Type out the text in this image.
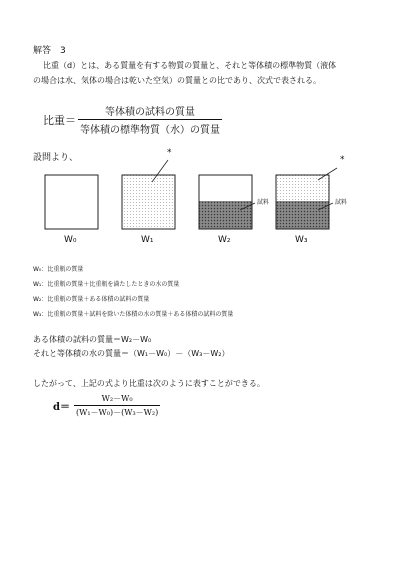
解答　3
比重（d）とは、ある質量を有する物質の質量と、それと等体積の標準物質（液体
の場合は水、気体の場合は乾いた空気）の質量との比であり、次式で表される。
比重＝ $\frac{\text{等体積の試料の質量}}{\text{等体積の標準物質（水）の質量}}$
設問より、	*
*
試料	試料
W₀	W₁	W₂	W₃
W₀：比重瓶の質量
W₁：比重瓶の質量＋比重瓶を満たしたときの水の質量
W₂：比重瓶の質量＋ある体積の試料の質量
W₃：比重瓶の質量＋試料を除いた体積の水の質量＋ある体積の試料の質量
ある体積の試料の質量＝W₂－W₀
それと等体積の水の質量＝（W₁－W₀）－（W₃－W₂）
したがって、上記の式より比重は次のように表すことができる。
$d= \frac{\text{W₂－W₀}}{\text{(W₁－W₀)－(W₃－W₂)}}$
